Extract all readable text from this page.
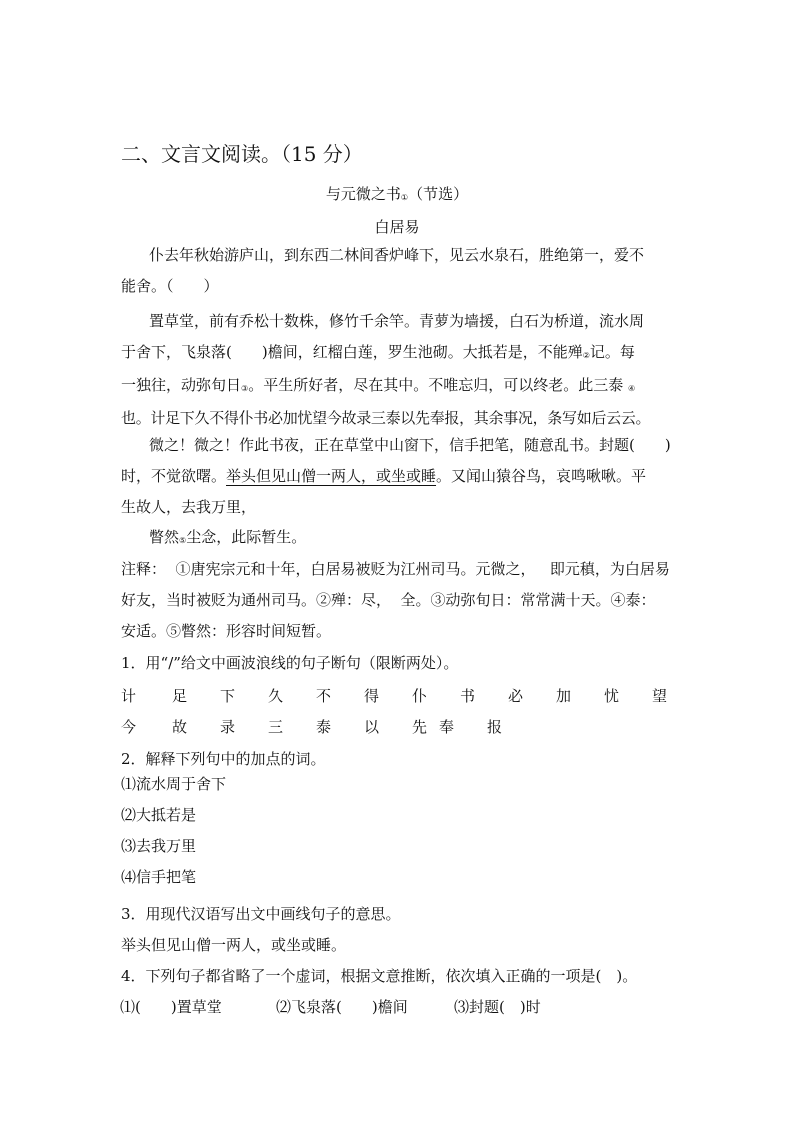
二、文言文阅读。（15 分）
与元微之书$_①$（节选）
白居易

仆去年秋始游庐山，到东西二林间香炉峰下，见云水泉石，胜绝第一，爱不

能舍。（　　）

置草堂，前有乔松十数株，修竹千余竿。青萝为墙援，白石为桥道，流水周

于舍下，飞泉落(　　)檐间，红榴白莲，罗生池砌。大抵若是，不能殚$_②$记。每

一独往，动弥旬日$_③$。平生所好者，尽在其中。不唯忘归，可以终老。此三泰 $_④$

也。计足下久不得仆书必加忧望今故录三泰以先奉报，其余事况，条写如后云云。

微之！微之！作此书夜，正在草堂中山窗下，信手把笔，随意乱书。封题(　　)

时，不觉欲曙。举头但见山僧一两人，或坐或睡。又闻山猿谷鸟，哀鸣啾啾。平

生故人，去我万里，

瞥然$_⑤$尘念，此际暂生。

注释：  ①唐宪宗元和十年，白居易被贬为江州司马。元微之，   即元稹，为白居易

好友，当时被贬为通州司马。②殚：尽，  全。③动弥旬日：常常满十天。④泰：

安适。⑤瞥然：形容时间短暂。

1．用“/”给文中画波浪线的句子断句（限断两处）。
计 足 下 久 不 得 仆 书 必 加 忧 望
今 故 录 三 泰 以 先 奉 报
2．解释下列句中的加点的词。
⑴流水周于舍下
⑵大抵若是
⑶去我万里
⑷信手把笔
3．用现代汉语写出文中画线句子的意思。
举头但见山僧一两人，或坐或睡。
4．下列句子都省略了一个虚词，根据文意推断，依次填入正确的一项是(　)。
⑴(　　)置草堂	⑵飞泉落(　　)檐间	⑶封题(　)时
